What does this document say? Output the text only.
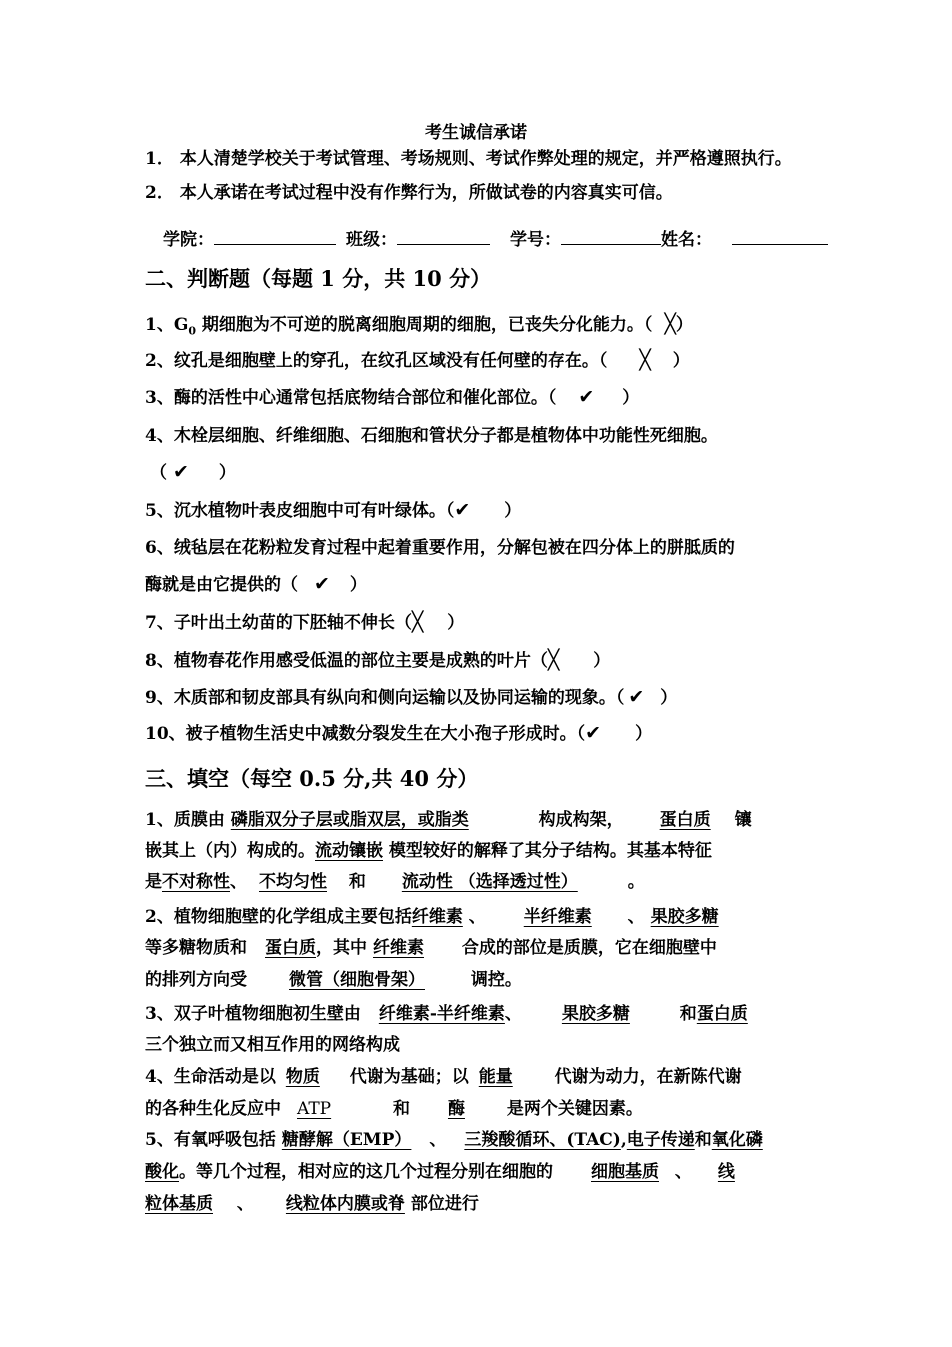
考生诚信承诺
1． 本人清楚学校关于考试管理、考场规则、考试作弊处理的规定，并严格遵照执行。
2． 本人承诺在考试过程中没有作弊行为，所做试卷的内容真实可信。
学院：	班级：	学号：	姓名：
二、判断题（每题 1 分，共 10 分）
1、$G_0$ 期细胞为不可逆的脱离细胞周期的细胞，已丧失分化能力。（ ╳）
2、纹孔是细胞壁上的穿孔，在纹孔区域没有任何壁的存在。（ ╳ ）
3、酶的活性中心通常包括底物结合部位和催化部位。（ ✔ ）
4、木栓层细胞、纤维细胞、石细胞和管状分子都是植物体中功能性死细胞。
（ ✔ ）
5、沉水植物叶表皮细胞中可有叶绿体。（✔ ）
6、绒毡层在花粉粒发育过程中起着重要作用，分解包被在四分体上的胼胝质的
酶就是由它提供的（ ✔ ）
7、子叶出土幼苗的下胚轴不伸长（╳ ）
8、植物春花作用感受低温的部位主要是成熟的叶片（╳ ）
9、木质部和韧皮部具有纵向和侧向运输以及协同运输的现象。（ ✔ ）
10、被子植物生活史中减数分裂发生在大小孢子形成时。（✔ ）
三、填空（每空 0.5 分,共 40 分）
1、质膜由 磷脂双分子层或脂双层，或脂类	构成构架， 蛋白质 镶
嵌其上（内）构成的。流动镶嵌 模型较好的解释了其分子结构。其基本特征
是不对称性、 不均匀性 和 流动性 （选择透过性）	。
2、植物细胞壁的化学组成主要包括纤维素 、 半纤维素 、 果胶多糖
等多糖物质和 蛋白质，其中 纤维素 合成的部位是质膜，它在细胞壁中
的排列方向受 微管（细胞骨架） 调控。
3、双子叶植物细胞初生壁由 纤维素-半纤维素、 果胶多糖	和蛋白质
三个独立而又相互作用的网络构成
4、生命活动是以 物质 代谢为基础；以 能量 代谢为动力，在新陈代谢
的各种生化反应中 ATP	和 酶 是两个关键因素。
5、有氧呼吸包括 糖酵解（EMP） 、 三羧酸循环、(TAC),电子传递和氧化磷
酸化。等几个过程，相对应的这几个过程分别在细胞的 细胞基质 、 线
粒体基质 、 线粒体内膜或脊 部位进行
